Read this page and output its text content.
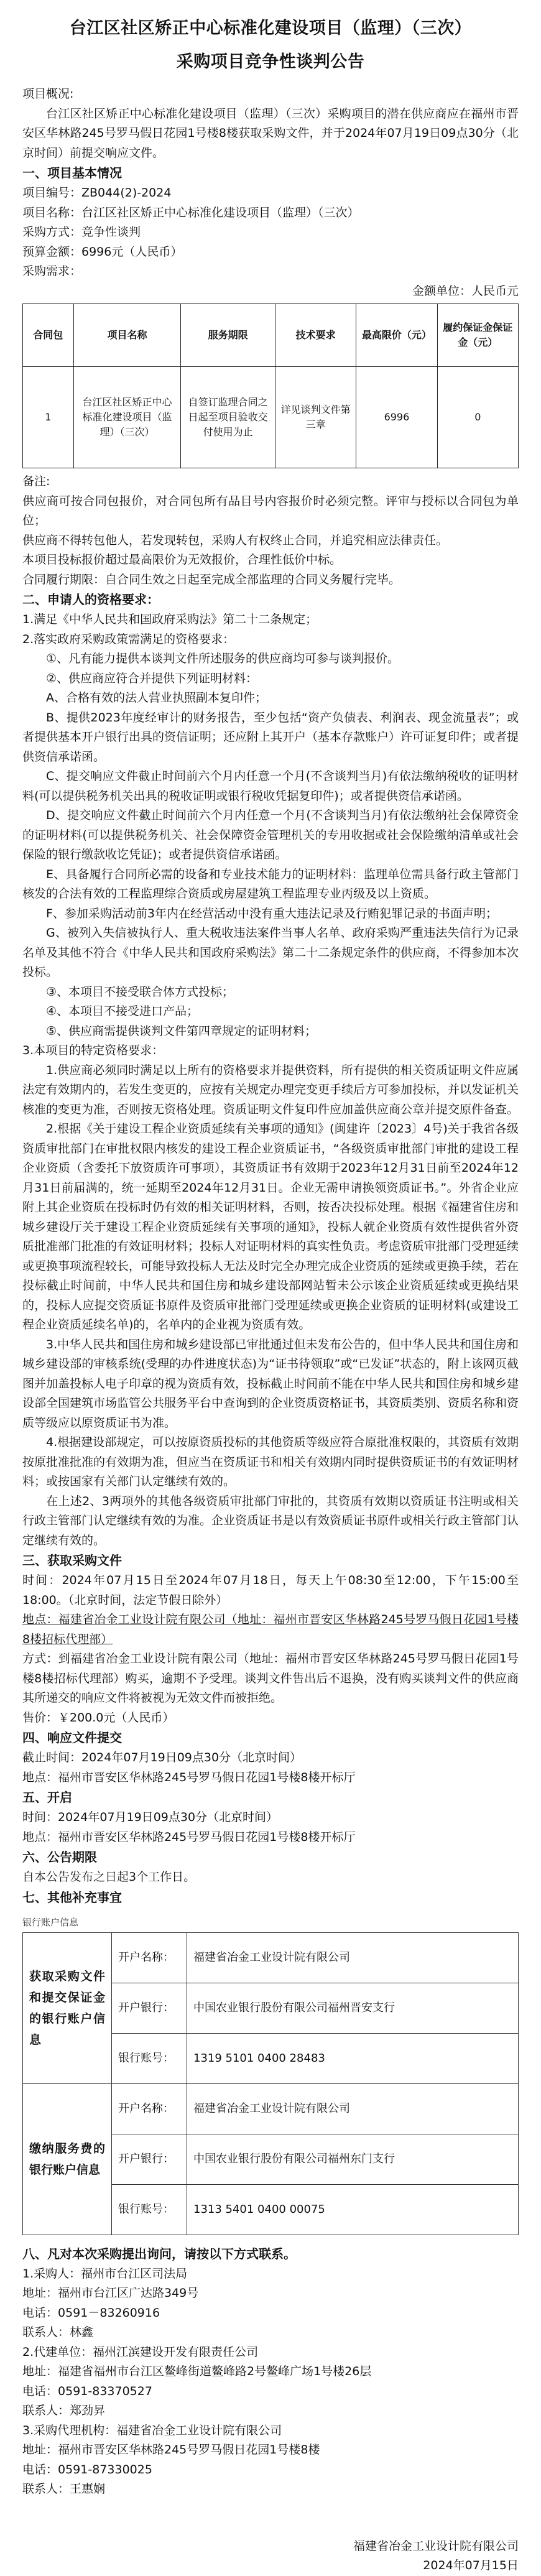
台江区社区矫正中心标准化建设项目（监理）（三次）
采购项目竞争性谈判公告

项目概况:

台江区社区矫正中心标准化建设项目（监理）（三次）采购项目的潜在供应商应在福州市晋安区华林路245号罗马假日花园1号楼8楼获取采购文件，并于2024年07月19日09点30分（北京时间）前提交响应文件。

一、项目基本情况

项目编号：ZB044(2)-2024

项目名称：台江区社区矫正中心标准化建设项目（监理）（三次）

采购方式：竞争性谈判

预算金额：6996元（人民币）

采购需求：

金额单位：人民币元

合同包	项目名称	服务期限	技术要求	最高限价（元）	履约保证金保证金（元）
1	台江区社区矫正中心标准化建设项目（监理）（三次）	自签订监理合同之日起至项目验收交付使用为止	详见谈判文件第三章	6996	0

备注:

供应商可按合同包报价，对合同包所有品目号内容报价时必须完整。评审与授标以合同包为单位；

供应商不得转包他人，若发现转包，采购人有权终止合同，并追究相应法律责任。

本项目投标报价超过最高限价为无效报价，合理性低价中标。

合同履行期限：自合同生效之日起至完成全部监理的合同义务履行完毕。

二、申请人的资格要求：

1.满足《中华人民共和国政府采购法》第二十二条规定；

2.落实政府采购政策需满足的资格要求：

①、凡有能力提供本谈判文件所述服务的供应商均可参与谈判报价。

②、供应商应符合并提供下列证明材料：

A、合格有效的法人营业执照副本复印件；

B、提供2023年度经审计的财务报告，至少包括“资产负债表、利润表、现金流量表”；或者提供基本开户银行出具的资信证明；还应附上其开户（基本存款账户）许可证复印件；或者提供资信承诺函。

C、提交响应文件截止时间前六个月内任意一个月(不含谈判当月)有依法缴纳税收的证明材料(可以提供税务机关出具的税收证明或银行税收凭据复印件)；或者提供资信承诺函。

D、提交响应文件截止时间前六个月内任意一个月(不含谈判当月)有依法缴纳社会保障资金的证明材料(可以提供税务机关、社会保障资金管理机关的专用收据或社会保险缴纳清单或社会保险的银行缴款收讫凭证)；或者提供资信承诺函。

E、具备履行合同所必需的设备和专业技术能力的证明材料：监理单位需具备行政主管部门核发的合法有效的工程监理综合资质或房屋建筑工程监理专业丙级及以上资质。

F、参加采购活动前3年内在经营活动中没有重大违法记录及行贿犯罪记录的书面声明；

G、被列入失信被执行人、重大税收违法案件当事人名单、政府采购严重违法失信行为记录名单及其他不符合《中华人民共和国政府采购法》第二十二条规定条件的供应商，不得参加本次投标。

③、本项目不接受联合体方式投标；

④、本项目不接受进口产品；

⑤、供应商需提供谈判文件第四章规定的证明材料；

3.本项目的特定资格要求：

1.供应商必须同时满足以上所有的资格要求并提供资料，所有提供的相关资质证明文件应属法定有效期内的，若发生变更的，应按有关规定办理完变更手续后方可参加投标，并以发证机关核准的变更为准，否则按无资格处理。资质证明文件复印件应加盖供应商公章并提交原件备查。

2.根据《关于建设工程企业资质延续有关事项的通知》(闽建许〔2023〕4号)关于我省各级资质审批部门在审批权限内核发的建设工程企业资质证书，“各级资质审批部门审批的建设工程企业资质（含委托下放资质许可事项），其资质证书有效期于2023年12月31日前至2024年12月31日前届满的，统一延期至2024年12月31日。企业无需申请换领资质证书。”。外省企业应附上其企业资质在投标时仍有效的相关证明材料，否则，按否决投标处理。根据《福建省住房和城乡建设厅关于建设工程企业资质延续有关事项的通知》，投标人就企业资质有效性提供省外资质批准部门批准的有效证明材料；投标人对证明材料的真实性负责。考虑资质审批部门受理延续或更换事项流程较长，可能导致投标人无法及时完全办理完成企业资质的延续或更换手续，若在投标截止时间前，中华人民共和国住房和城乡建设部网站暂未公示该企业资质延续或更换结果的，投标人应提交资质证书原件及资质审批部门受理延续或更换企业资质的证明材料(或建设工程企业资质延续名单)的，名单内的企业视为资质有效。

3.中华人民共和国住房和城乡建设部已审批通过但未发布公告的，但中华人民共和国住房和城乡建设部的审核系统(受理的办件进度状态)为“证书待领取”或“已发证”状态的，附上该网页截图并加盖投标人电子印章的视为资质有效，投标截止时间前不能在中华人民共和国住房和城乡建设部全国建筑市场监管公共服务平台中查询到的企业资质资格证书，其资质类别、资质名称和资质等级应以原资质证书为准。

4.根据建设部规定，可以按原资质投标的其他资质等级应符合原批准权限的，其资质有效期按原批准批准的有效期为准，但应当在资质证书和相关有效期内同时提供资质证书的有效证明材料；或按国家有关部门认定继续有效的。

在上述2、3两项外的其他各级资质审批部门审批的，其资质有效期以资质证书注明或相关行政主管部门认定继续有效的为准。企业资质证书是以有效资质证书原件或相关行政主管部门认定继续有效的。

三、获取采购文件

时间：2024年07月15日至2024年07月18日，每天上午08:30至12:00，下午15:00至18:00。（北京时间，法定节假日除外）

地点：福建省冶金工业设计院有限公司（地址：福州市晋安区华林路245号罗马假日花园1号楼8楼招标代理部）

方式：到福建省冶金工业设计院有限公司（地址：福州市晋安区华林路245号罗马假日花园1号楼8楼招标代理部）购买，逾期不予受理。谈判文件售出后不退换，没有购买谈判文件的供应商其所递交的响应文件将被视为无效文件而被拒绝。

售价：￥200.0元（人民币）

四、响应文件提交

截止时间：2024年07月19日09点30分（北京时间）

地点：福州市晋安区华林路245号罗马假日花园1号楼8楼开标厅

五、开启

时间：2024年07月19日09点30分（北京时间）

地点：福州市晋安区华林路245号罗马假日花园1号楼8楼开标厅

六、公告期限

自本公告发布之日起3个工作日。

七、其他补充事宜

银行账户信息
获取采购文件和提交保证金的银行账户信息	开户名称：	福建省冶金工业设计院有限公司
	开户银行：	中国农业银行股份有限公司福州晋安支行
	银行账号：	1319 5101 0400 28483
缴纳服务费的银行账户信息	开户名称：	福建省冶金工业设计院有限公司
	开户银行：	中国农业银行股份有限公司福州东门支行
	银行账号：	1313 5401 0400 00075

八、凡对本次采购提出询问，请按以下方式联系。

1.采购人：福州市台江区司法局

地址：福州市台江区广达路349号

电话：0591－83260916

联系人：林鑫

2.代建单位：福州江滨建设开发有限责任公司

地址：福建省福州市台江区鳌峰街道鳌峰路2号鳌峰广场1号楼26层

电话：0591-83370527

联系人：郑劲昇

3.采购代理机构：福建省冶金工业设计院有限公司

地址：福州市晋安区华林路245号罗马假日花园1号楼8楼

电话：0591-87330025

联系人：王惠娴

福建省冶金工业设计院有限公司

2024年07月15日
